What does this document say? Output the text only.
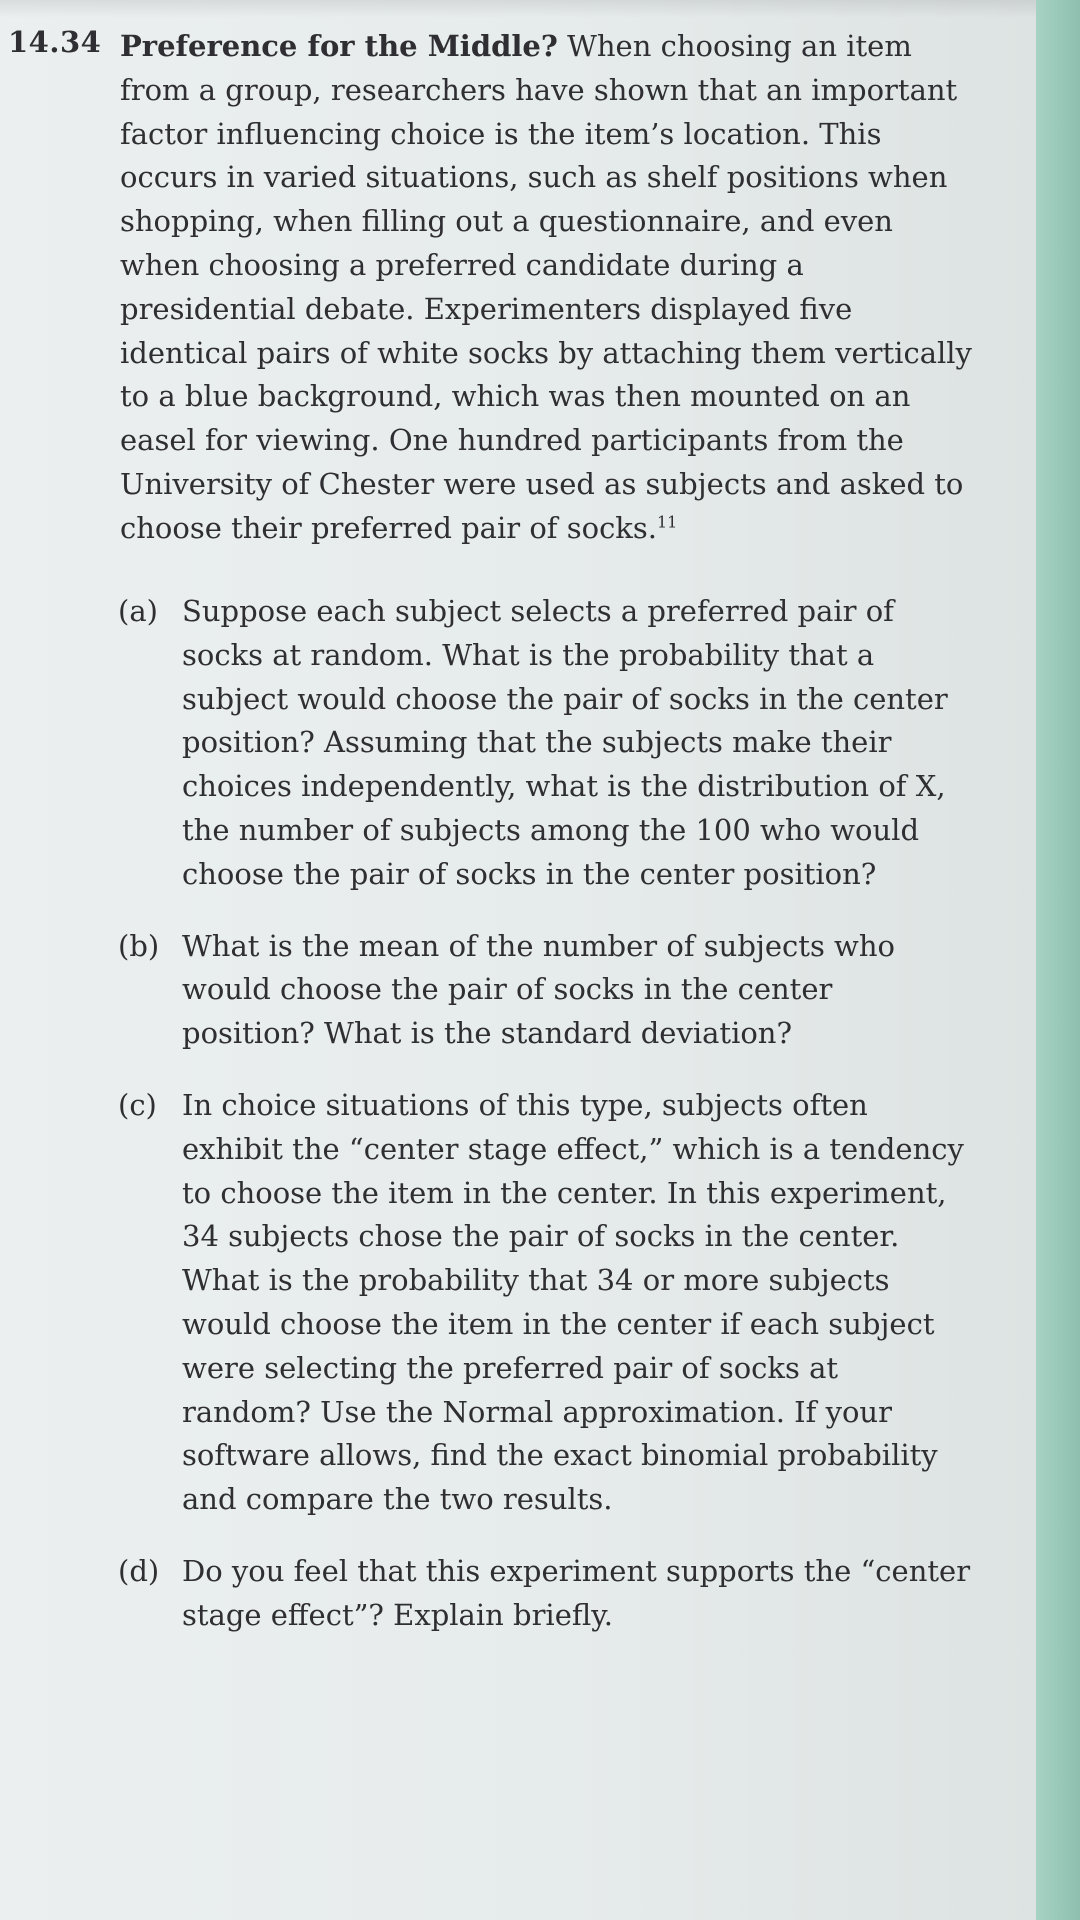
14.34 Preference for the Middle? When choosing an item from a group, researchers have shown that an important factor influencing choice is the item’s location. This occurs in varied situations, such as shelf positions when shopping, when filling out a questionnaire, and even when choosing a preferred candidate during a presidential debate. Experimenters displayed five identical pairs of white socks by attaching them vertically to a blue background, which was then mounted on an easel for viewing. One hundred participants from the University of Chester were used as subjects and asked to choose their preferred pair of socks.$^{11}$
(a) Suppose each subject selects a preferred pair of socks at random. What is the probability that a subject would choose the pair of socks in the center position? Assuming that the subjects make their choices independently, what is the distribution of X, the number of subjects among the 100 who would choose the pair of socks in the center position?
(b) What is the mean of the number of subjects who would choose the pair of socks in the center position? What is the standard deviation?
(c) In choice situations of this type, subjects often exhibit the “center stage effect,” which is a tendency to choose the item in the center. In this experiment, 34 subjects chose the pair of socks in the center. What is the probability that 34 or more subjects would choose the item in the center if each subject were selecting the preferred pair of socks at random? Use the Normal approximation. If your software allows, find the exact binomial probability and compare the two results.
(d) Do you feel that this experiment supports the “center stage effect”? Explain briefly.
